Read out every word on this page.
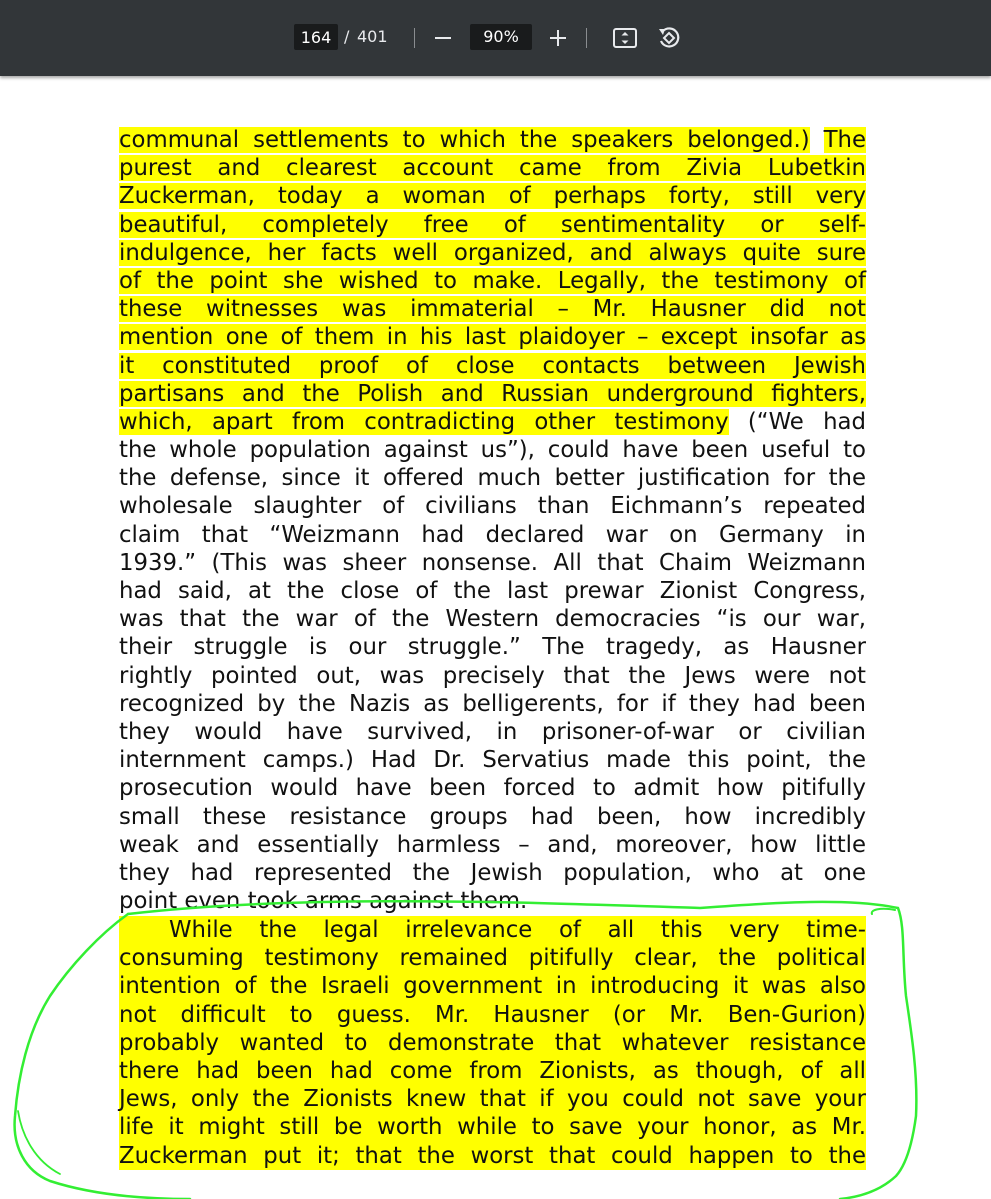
164
/ 401	90%
communal settlements to which the speakers belonged.) The
purest and clearest account came from Zivia Lubetkin
Zuckerman, today a woman of perhaps forty, still very
beautiful, completely free of sentimentality or self-
indulgence, her facts well organized, and always quite sure
of the point she wished to make. Legally, the testimony of
these witnesses was immaterial – Mr. Hausner did not
mention one of them in his last plaidoyer – except insofar as
it constituted proof of close contacts between Jewish
partisans and the Polish and Russian underground fighters,
which, apart from contradicting other testimony (“We had
the whole population against us”), could have been useful to
the defense, since it offered much better justification for the
wholesale slaughter of civilians than Eichmann’s repeated
claim that “Weizmann had declared war on Germany in
1939.” (This was sheer nonsense. All that Chaim Weizmann
had said, at the close of the last prewar Zionist Congress,
was that the war of the Western democracies “is our war,
their struggle is our struggle.” The tragedy, as Hausner
rightly pointed out, was precisely that the Jews were not
recognized by the Nazis as belligerents, for if they had been
they would have survived, in prisoner-of-war or civilian
internment camps.) Had Dr. Servatius made this point, the
prosecution would have been forced to admit how pitifully
small these resistance groups had been, how incredibly
weak and essentially harmless – and, moreover, how little
they had represented the Jewish population, who at one
point even took arms against them.
While the legal irrelevance of all this very time-
consuming testimony remained pitifully clear, the political
intention of the Israeli government in introducing it was also
not difficult to guess. Mr. Hausner (or Mr. Ben-Gurion)
probably wanted to demonstrate that whatever resistance
there had been had come from Zionists, as though, of all
Jews, only the Zionists knew that if you could not save your
life it might still be worth while to save your honor, as Mr.
Zuckerman put it; that the worst that could happen to the
